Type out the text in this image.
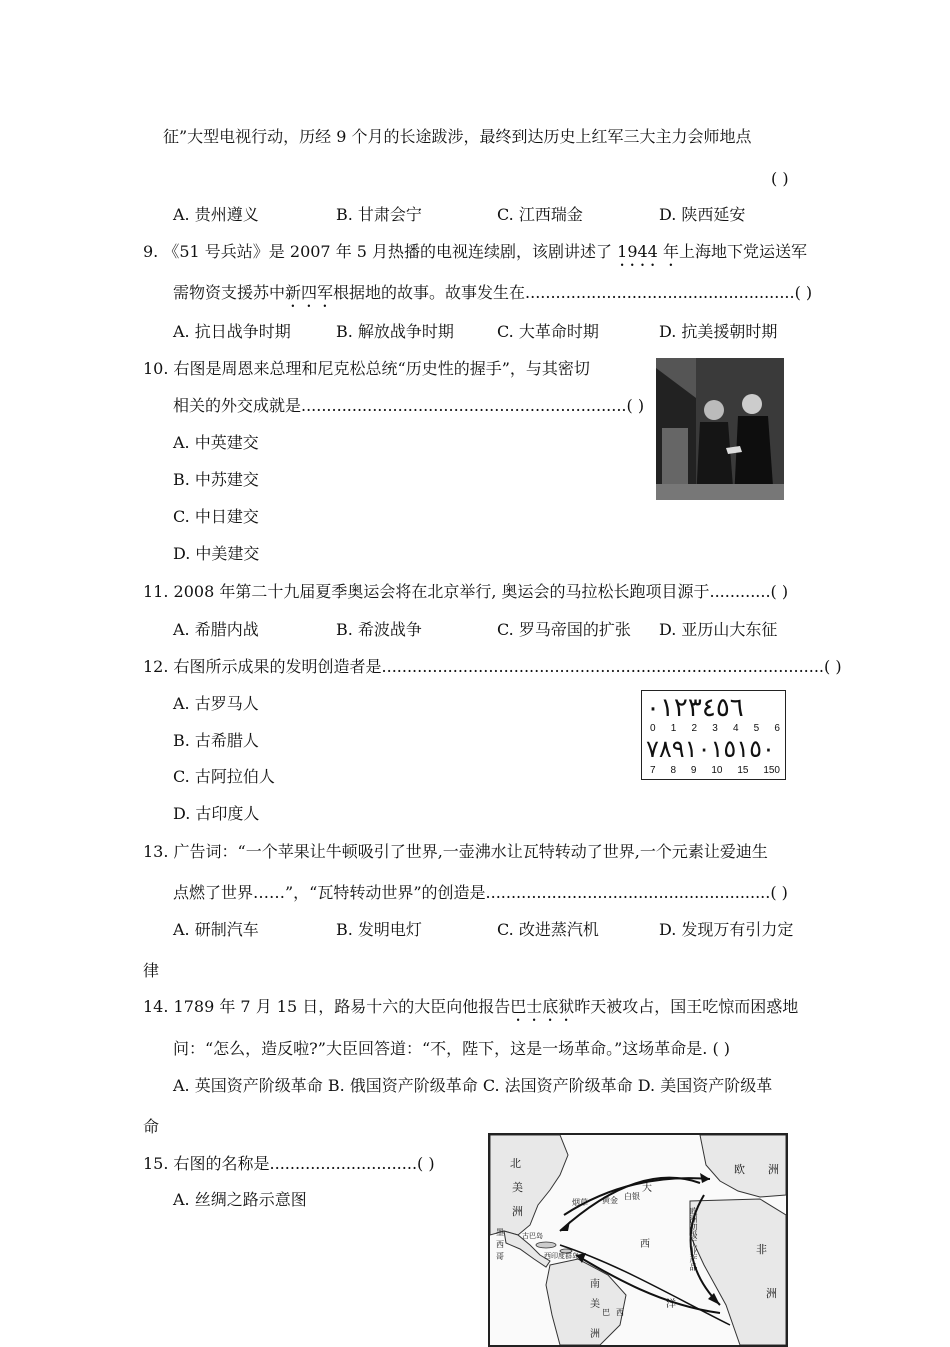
征”大型电视行动，历经 9 个月的长途跋涉，最终到达历史上红军三大主力会师地点
( )
A. 贵州遵义	B. 甘肃会宁	C. 江西瑞金	D. 陕西延安
9. 《51 号兵站》是 2007 年 5 月热播的电视连续剧，该剧讲述了 1944 年上海地下党运送军
需物资支援苏中新四军根据地的故事。故事发生在.....................................................( )
A. 抗日战争时期	B. 解放战争时期	C. 大革命时期	D. 抗美援朝时期
10. 右图是周恩来总理和尼克松总统“历史性的握手”，与其密切
相关的外交成就是................................................................( )
A. 中英建交
B. 中苏建交
C. 中日建交
D. 中美建交
11. 2008 年第二十九届夏季奥运会将在北京举行, 奥运会的马拉松长跑项目源于............( )
A. 希腊内战	B. 希波战争	C. 罗马帝国的扩张 D. 亚历山大东征
12. 右图所示成果的发明创造者是.......................................................................................( )
A. 古罗马人
B. 古希腊人
C. 古阿拉伯人
D. 古印度人
٠١٢٣٤٥٦
0 1 2 3 4 5 6
٧٨٩١٠١٥١٥٠
7 8 9 10 15 150
13. 广告词：“一个苹果让牛顿吸引了世界,一壶沸水让瓦特转动了世界,一个元素让爱迪生
点燃了世界……”，“瓦特转动世界”的创造是........................................................( )
A. 研制汽车	B. 发明电灯	C. 改进蒸汽机	D. 发现万有引力定
律
14. 1789 年 7 月 15 日，路易十六的大臣向他报告巴士底狱昨天被攻占，国王吃惊而困惑地
问：“怎么，造反啦?”大臣回答道：“不，陛下，这是一场革命。”这场革命是. ( )
A. 英国资产阶级革命 B. 俄国资产阶级革命 C. 法国资产阶级革命 D. 美国资产阶级革
命
15. 右图的名称是.............................( )
A. 丝绸之路示意图
北
美
洲
欧 洲
非
洲
南
美
洲
大
西
洋
烟草 黄金 白银
古巴岛
西印度群岛
巴 西
墨
西
哥	欧洲初级工业产品
